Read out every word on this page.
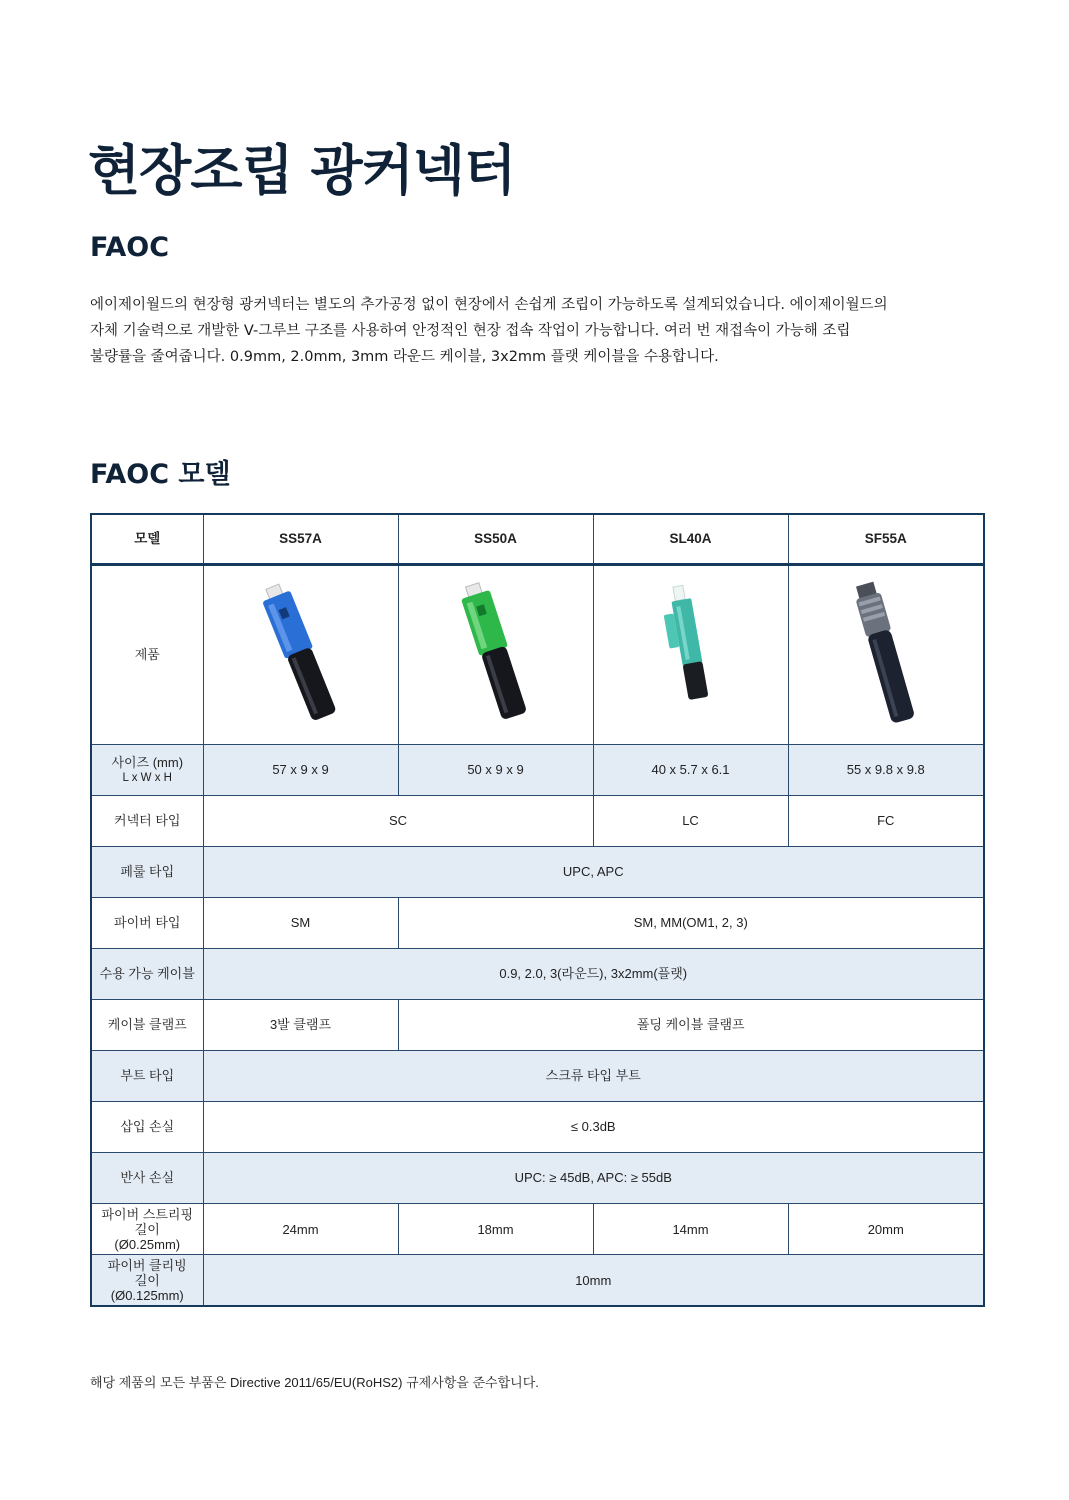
현장조립 광커넥터
FAOC

에이제이월드의 현장형 광커넥터는 별도의 추가공정 없이 현장에서 손쉽게 조립이 가능하도록 설계되었습니다. 에이제이월드의
자체 기술력으로 개발한 V-그루브 구조를 사용하여 안정적인 현장 접속 작업이 가능합니다. 여러 번 재접속이 가능해 조립
불량률을 줄여줍니다. 0.9mm, 2.0mm, 3mm 라운드 케이블, 3x2mm 플랫 케이블을 수용합니다.

FAOC 모델
모델	SS57A	SS50A	SL40A	SF55A
제품	

사이즈 (mm)

L x W x H	57 x 9 x 9	50 x 9 x 9	40 x 5.7 x 6.1	55 x 9.8 x 9.8
커넥터 타입	SC		LC	FC
페룰 타입	UPC, APC			
파이버 타입	SM	SM, MM(OM1, 2, 3)		
수용 가능 케이블	0.9, 2.0, 3(라운드), 3x2mm(플랫)			
케이블 클램프	3발 클램프	폴딩 케이블 클램프		
부트 타입	스크류 타입 부트			
삽입 손실	≤ 0.3dB			
반사 손실	UPC: ≥ 45dB, APC: ≥ 55dB			
파이버 스트리핑
길이
(Ø0.25mm)	24mm	18mm	14mm	20mm
파이버 클리빙
길이
(Ø0.125mm)	10mm			

해당 제품의 모든 부품은 Directive 2011/65/EU(RoHS2) 규제사항을 준수합니다.
